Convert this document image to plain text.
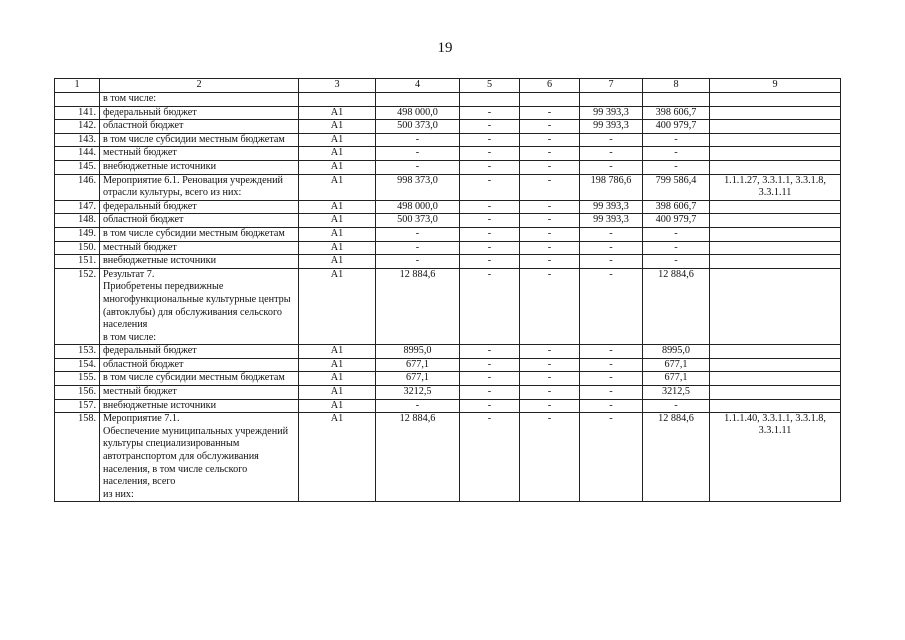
19
1	2	3	4	5	6	7	8	9
	в том числе:							
141.	федеральный бюджет	А1	498 000,0	-	-	99 393,3	398 606,7	
142.	областной бюджет	А1	500 373,0	-	-	99 393,3	400 979,7	
143.	в том числе субсидии местным бюджетам	А1	-	-	-	-	-	
144.	местный бюджет	А1	-	-	-	-	-	
145.	внебюджетные источники	А1	-	-	-	-	-	
146.	Мероприятие 6.1. Реновация учреждений отрасли культуры, всего из них:	А1	998 373,0	-	-	198 786,6	799 586,4	1.1.1.27, 3.3.1.1, 3.3.1.8, 3.3.1.11
147.	федеральный бюджет	А1	498 000,0	-	-	99 393,3	398 606,7	
148.	областной бюджет	А1	500 373,0	-	-	99 393,3	400 979,7	
149.	в том числе субсидии местным бюджетам	А1	-	-	-	-	-	
150.	местный бюджет	А1	-	-	-	-	-	
151.	внебюджетные источники	А1	-	-	-	-	-	
152.	Результат 7.
Приобретены передвижные многофункциональные культурные центры (автоклубы) для обслуживания сельского населения
в том числе:	А1	12 884,6	-	-	-	12 884,6	
153.	федеральный бюджет	А1	8995,0	-	-	-	8995,0	
154.	областной бюджет	А1	677,1	-	-	-	677,1	
155.	в том числе субсидии местным бюджетам	А1	677,1	-	-	-	677,1	
156.	местный бюджет	А1	3212,5	-	-	-	3212,5	
157.	внебюджетные источники	А1	-	-	-	-	-	
158.	Мероприятие 7.1.
Обеспечение муниципальных учреждений культуры специализированным автотранспортом для обслуживания населения, в том числе сельского населения, всего
из них:	А1	12 884,6	-	-	-	12 884,6	1.1.1.40, 3.3.1.1, 3.3.1.8, 3.3.1.11
